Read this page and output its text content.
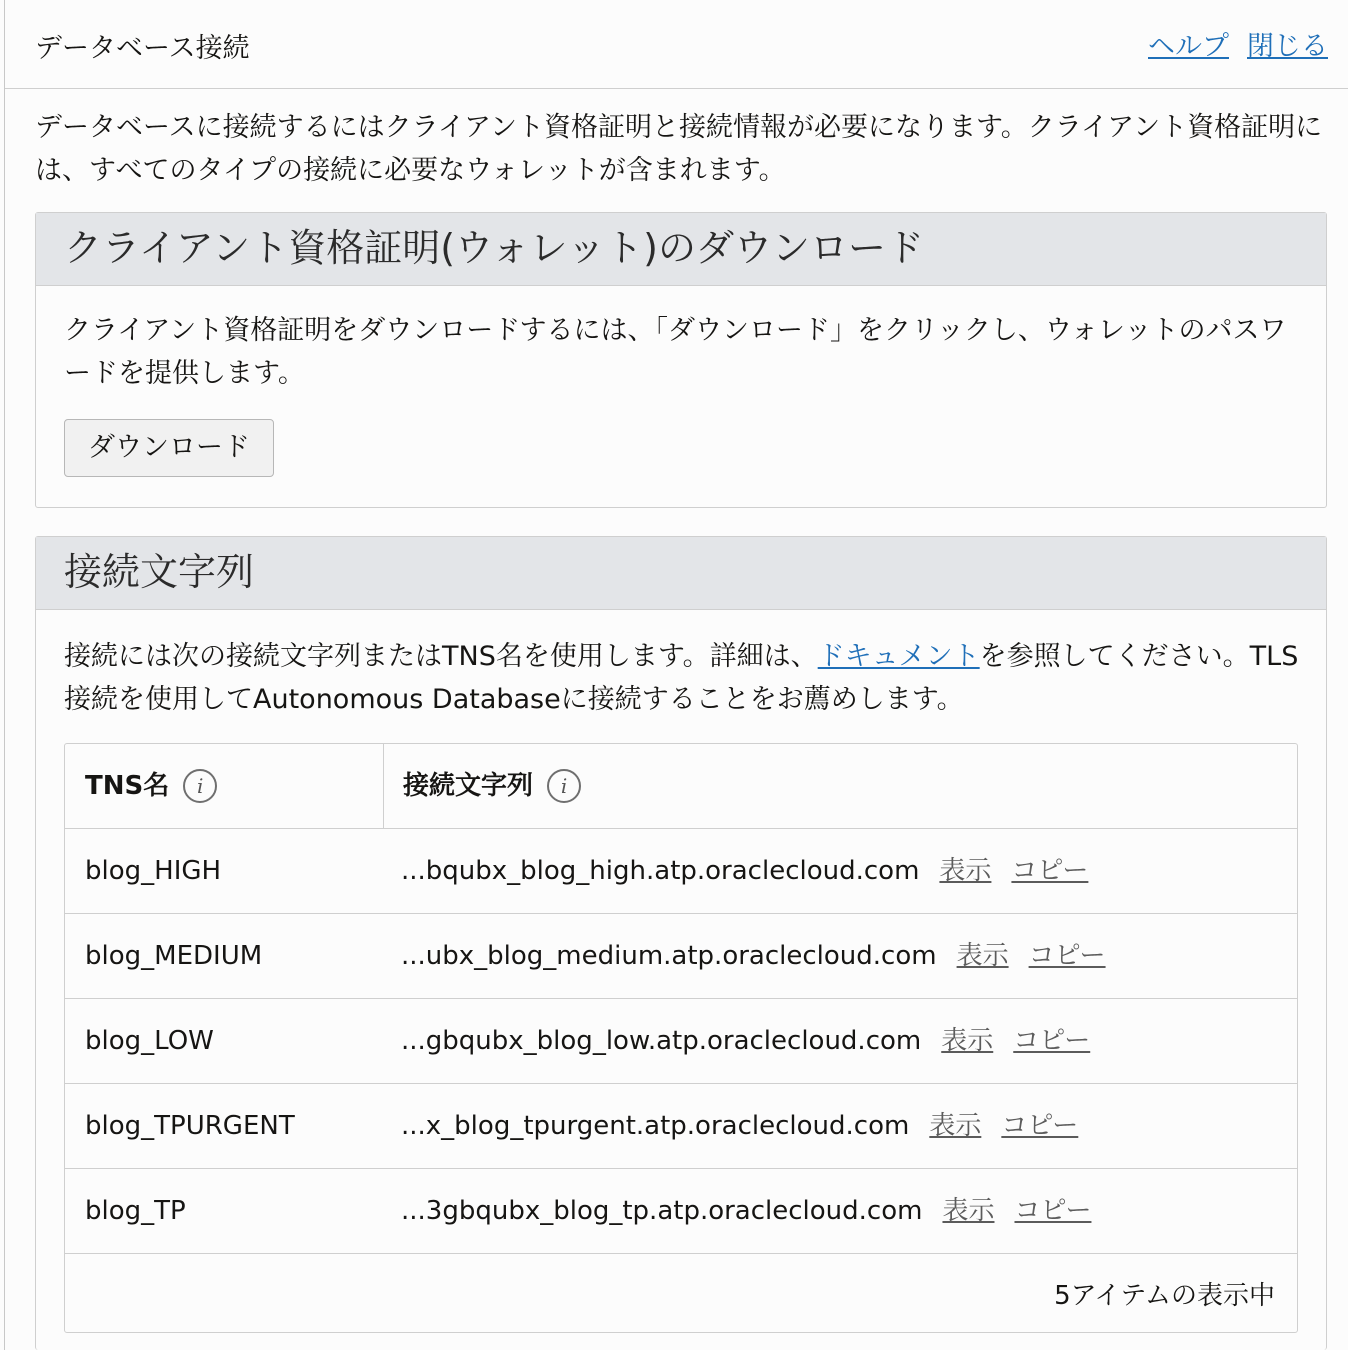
データベース接続	ヘルプ 閉じる
データベースに接続するにはクライアント資格証明と接続情報が必要になります。クライアント資格証明には、すべてのタイプの接続に必要なウォレットが含まれます。
クライアント資格証明(ウォレット)のダウンロード
クライアント資格証明をダウンロードするには、「ダウンロード」をクリックし、ウォレットのパスワードを提供します。
ダウンロード
接続文字列
接続には次の接続文字列またはTNS名を使用します。詳細は、ドキュメントを参照してください。TLS接続を使用してAutonomous Databaseに接続することをお薦めします。
TNS名	i	接続文字列	i
blog_HIGH	...bqubx_blog_high.atp.oraclecloud.com 表示 コピー
blog_MEDIUM	...ubx_blog_medium.atp.oraclecloud.com 表示 コピー
blog_LOW	...gbqubx_blog_low.atp.oraclecloud.com 表示 コピー
blog_TPURGENT	...x_blog_tpurgent.atp.oraclecloud.com 表示 コピー
blog_TP	...3gbqubx_blog_tp.atp.oraclecloud.com 表示 コピー
5アイテムの表示中
